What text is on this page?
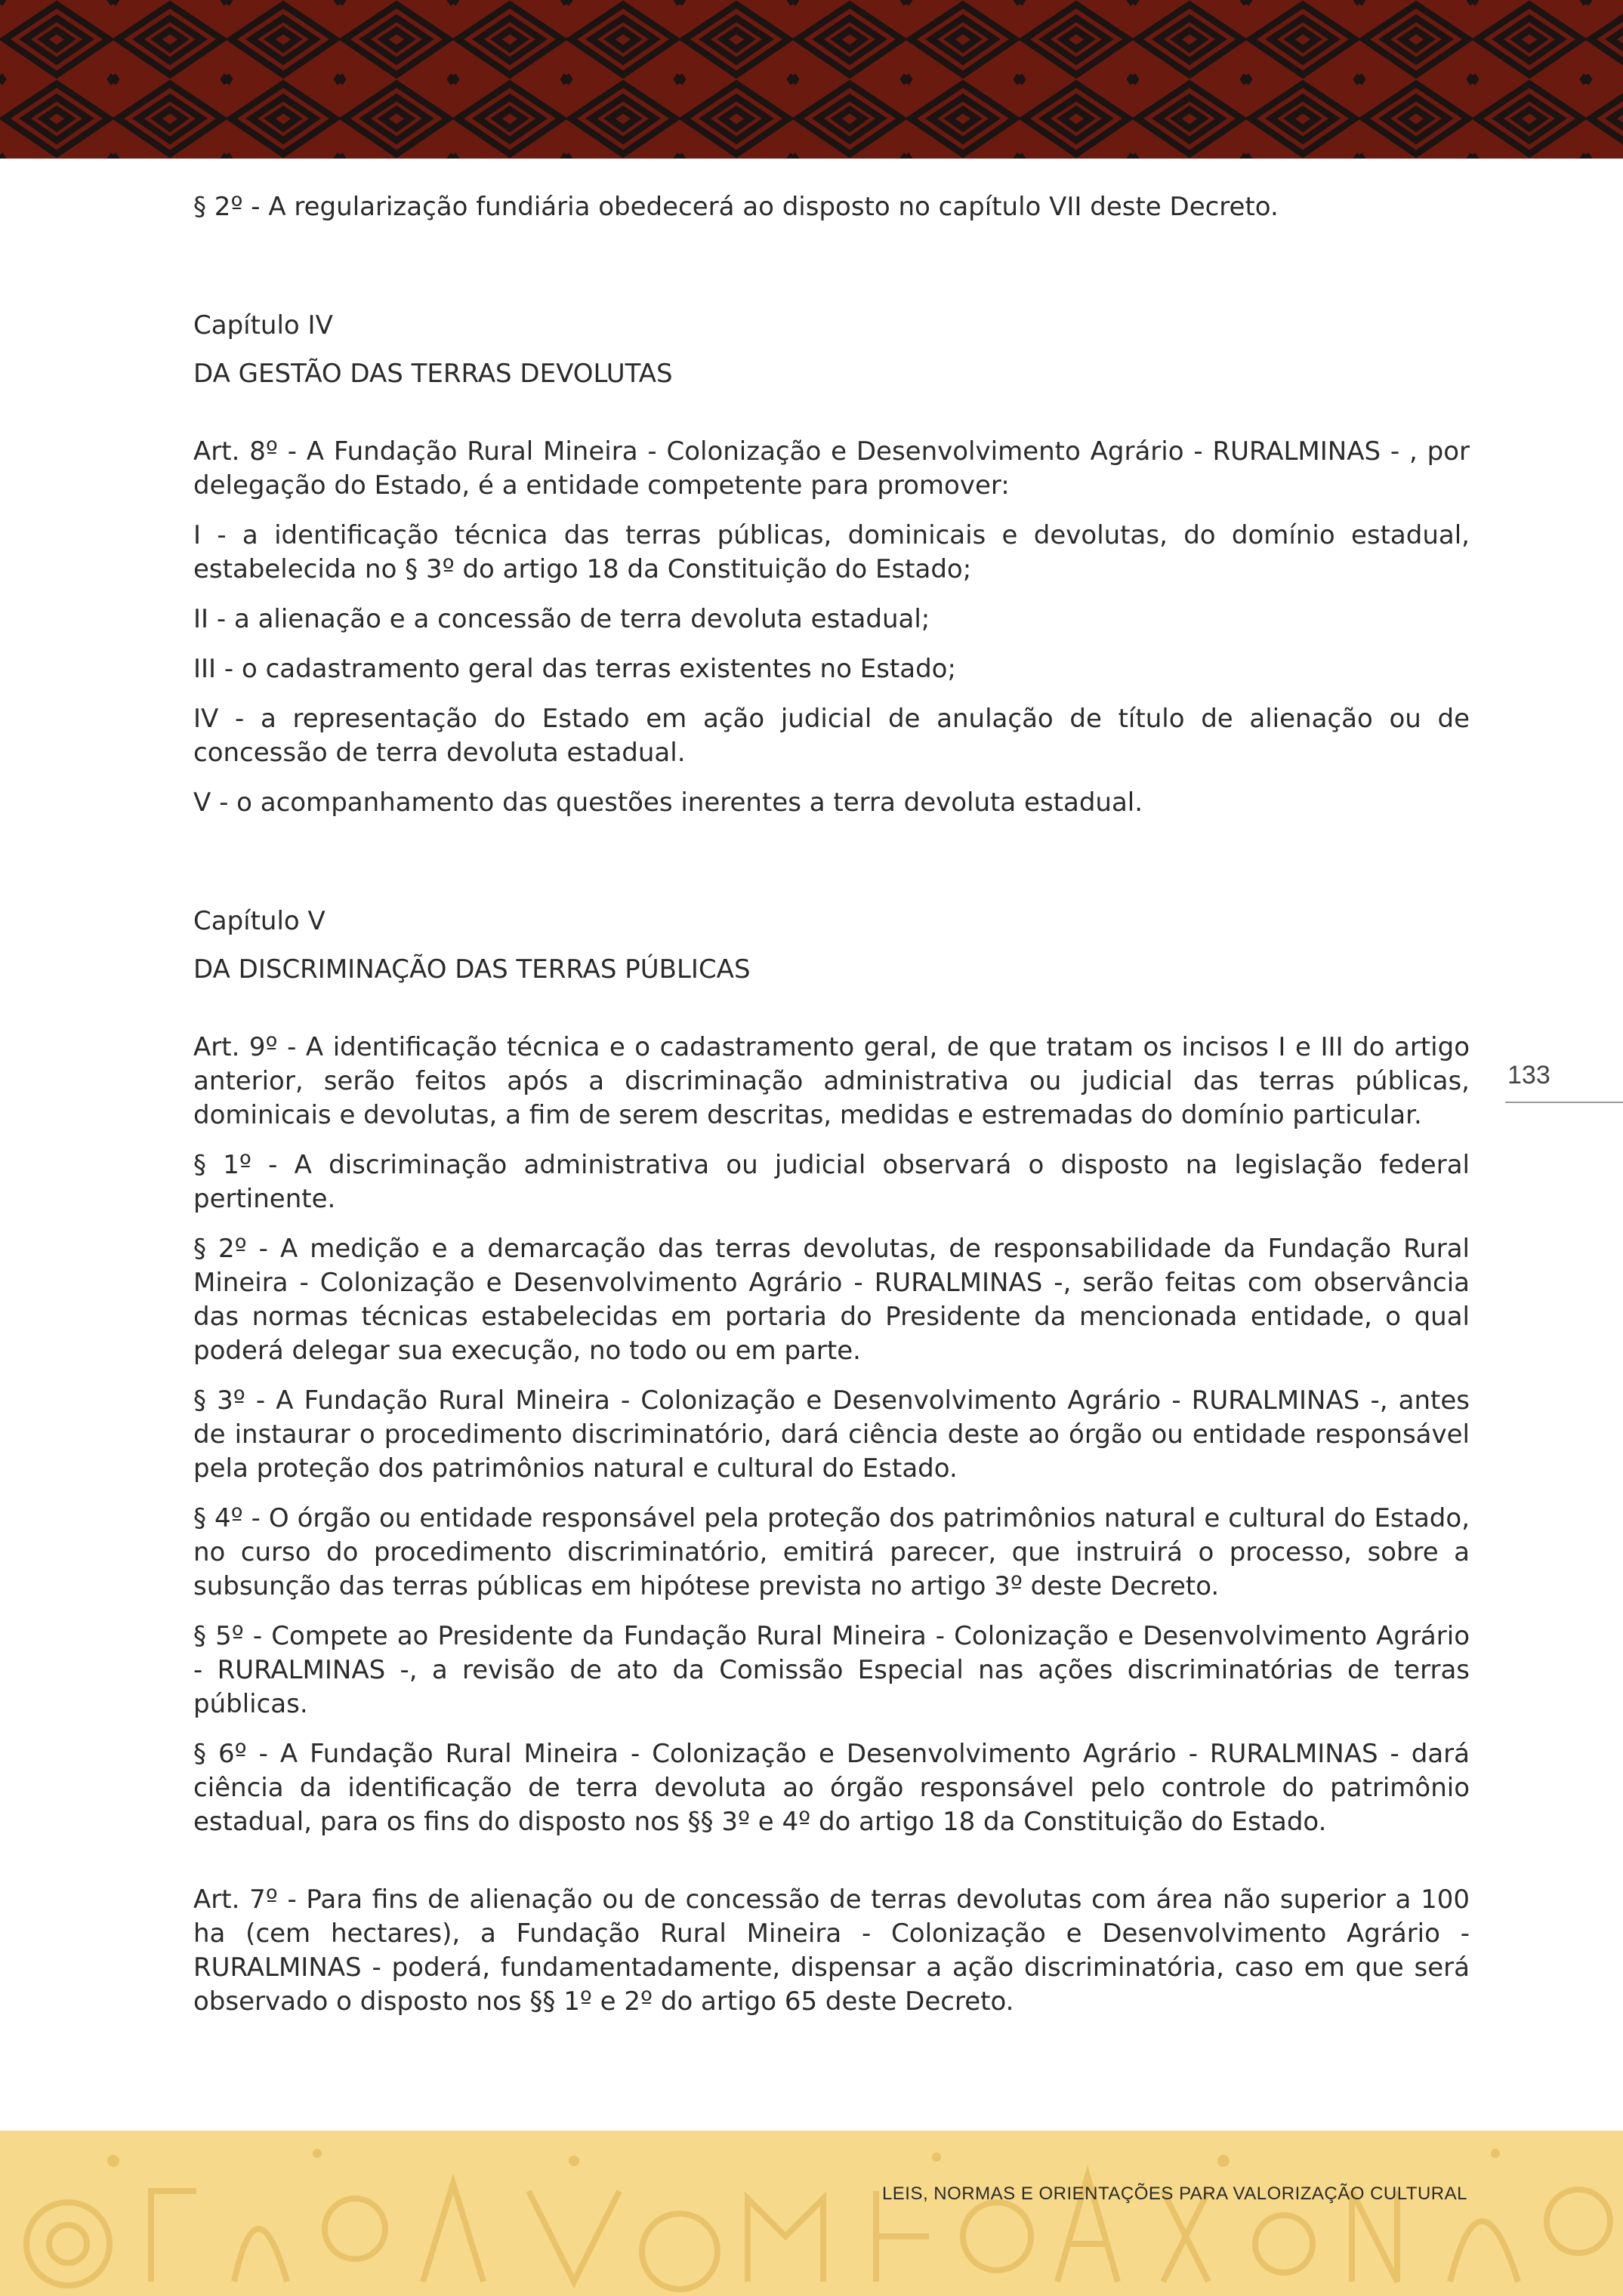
§ 2º - A regularização fundiária obedecerá ao disposto no capítulo VII deste Decreto.

Capítulo IV

DA GESTÃO DAS TERRAS DEVOLUTAS

Art. 8º - A Fundação Rural Mineira - Colonização e Desenvolvimento Agrário - RURALMINAS - , por delegação do Estado, é a entidade competente para promover:

I - a identificação técnica das terras públicas, dominicais e devolutas, do domínio estadual, estabelecida no § 3º do artigo 18 da Constituição do Estado;

II - a alienação e a concessão de terra devoluta estadual;

III - o cadastramento geral das terras existentes no Estado;

IV - a representação do Estado em ação judicial de anulação de título de alienação ou de concessão de terra devoluta estadual.

V - o acompanhamento das questões inerentes a terra devoluta estadual.

Capítulo V

DA DISCRIMINAÇÃO DAS TERRAS PÚBLICAS

Art. 9º - A identificação técnica e o cadastramento geral, de que tratam os incisos I e III do artigo anterior, serão feitos após a discriminação administrativa ou judicial das terras públicas, dominicais e devolutas, a fim de serem descritas, medidas e estremadas do domínio particular.

§ 1º - A discriminação administrativa ou judicial observará o disposto na legislação federal pertinente.

§ 2º - A medição e a demarcação das terras devolutas, de responsabilidade da Fundação Rural Mineira - Colonização e Desenvolvimento Agrário - RURALMINAS -, serão feitas com observância das normas técnicas estabelecidas em portaria do Presidente da mencionada entidade, o qual poderá delegar sua execução, no todo ou em parte.

§ 3º - A Fundação Rural Mineira - Colonização e Desenvolvimento Agrário - RURALMINAS -, antes de instaurar o procedimento discriminatório, dará ciência deste ao órgão ou entidade responsável pela proteção dos patrimônios natural e cultural do Estado.

§ 4º - O órgão ou entidade responsável pela proteção dos patrimônios natural e cultural do Estado, no curso do procedimento discriminatório, emitirá parecer, que instruirá o processo, sobre a subsunção das terras públicas em hipótese prevista no artigo 3º deste Decreto.

§ 5º - Compete ao Presidente da Fundação Rural Mineira - Colonização e Desenvolvimento Agrário - RURALMINAS -, a revisão de ato da Comissão Especial nas ações discriminatórias de terras públicas.

§ 6º - A Fundação Rural Mineira - Colonização e Desenvolvimento Agrário - RURALMINAS - dará ciência da identificação de terra devoluta ao órgão responsável pelo controle do patrimônio estadual, para os fins do disposto nos §§ 3º e 4º do artigo 18 da Constituição do Estado.

Art. 7º - Para fins de alienação ou de concessão de terras devolutas com área não superior a 100 ha (cem hectares), a Fundação Rural Mineira - Colonização e Desenvolvimento Agrário - RURALMINAS - poderá, fundamentadamente, dispensar a ação discriminatória, caso em que será observado o disposto nos §§ 1º e 2º do artigo 65 deste Decreto.

133
LEIS, NORMAS E ORIENTAÇÕES PARA VALORIZAÇÃO CULTURAL
